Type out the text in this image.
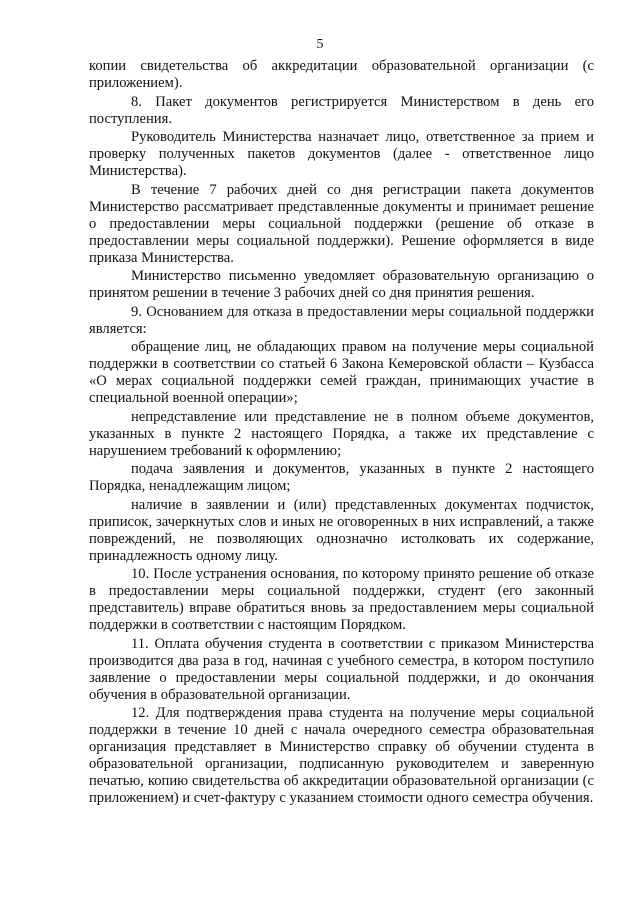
5

копии свидетельства об аккредитации образовательной организации (с приложением).

8. Пакет документов регистрируется Министерством в день его поступления.

Руководитель Министерства назначает лицо, ответственное за прием и проверку полученных пакетов документов (далее - ответственное лицо Министерства).

В течение 7 рабочих дней со дня регистрации пакета документов Министерство рассматривает представленные документы и принимает решение о предоставлении меры социальной поддержки (решение об отказе в предоставлении меры социальной поддержки). Решение оформляется в виде приказа Министерства.

Министерство письменно уведомляет образовательную организацию о принятом решении в течение 3 рабочих дней со дня принятия решения.

9. Основанием для отказа в предоставлении меры социальной поддержки является:

обращение лиц, не обладающих правом на получение меры социальной поддержки в соответствии со статьей 6 Закона Кемеровской области – Кузбасса «О мерах социальной поддержки семей граждан, принимающих участие в специальной военной операции»;

непредставление или представление не в полном объеме документов, указанных в пункте 2 настоящего Порядка, а также их представление с нарушением требований к оформлению;

подача заявления и документов, указанных в пункте 2 настоящего Порядка, ненадлежащим лицом;

наличие в заявлении и (или) представленных документах подчисток, приписок, зачеркнутых слов и иных не оговоренных в них исправлений, а также повреждений, не позволяющих однозначно истолковать их содержание, принадлежность одному лицу.

10. После устранения основания, по которому принято решение об отказе в предоставлении меры социальной поддержки, студент (его законный представитель) вправе обратиться вновь за предоставлением меры социальной поддержки в соответствии с настоящим Порядком.

11. Оплата обучения студента в соответствии с приказом Министерства производится два раза в год, начиная с учебного семестра, в котором поступило заявление о предоставлении меры социальной поддержки, и до окончания обучения в образовательной организации.

12. Для подтверждения права студента на получение меры социальной поддержки в течение 10 дней с начала очередного семестра образовательная организация представляет в Министерство справку об обучении студента в образовательной организации, подписанную руководителем и заверенную печатью, копию свидетельства об аккредитации образовательной организации (с приложением) и счет-фактуру с указанием стоимости одного семестра обучения.
